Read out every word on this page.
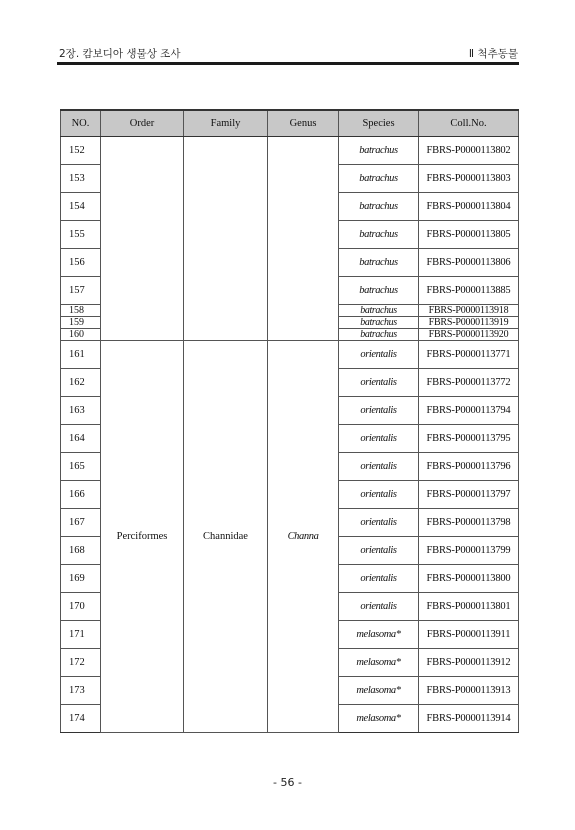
2장. 캄보디아 생물상 조사	Ⅱ 척추동물
NO.	Order	Family	Genus	Species	Coll.No.
152				batrachus	FBRS-P0000113802
153				batrachus	FBRS-P0000113803
154				batrachus	FBRS-P0000113804
155				batrachus	FBRS-P0000113805
156				batrachus	FBRS-P0000113806
157				batrachus	FBRS-P0000113885
158				batrachus	FBRS-P0000113918
159				batrachus	FBRS-P0000113919
160				batrachus	FBRS-P0000113920
161	Perciformes	Channidae	Channa	orientalis	FBRS-P0000113771
162				orientalis	FBRS-P0000113772
163				orientalis	FBRS-P0000113794
164				orientalis	FBRS-P0000113795
165				orientalis	FBRS-P0000113796
166				orientalis	FBRS-P0000113797
167				orientalis	FBRS-P0000113798
168				orientalis	FBRS-P0000113799
169				orientalis	FBRS-P0000113800
170				orientalis	FBRS-P0000113801
171				melasoma*	FBRS-P0000113911
172				melasoma*	FBRS-P0000113912
173				melasoma*	FBRS-P0000113913
174				melasoma*	FBRS-P0000113914
- 56 -
